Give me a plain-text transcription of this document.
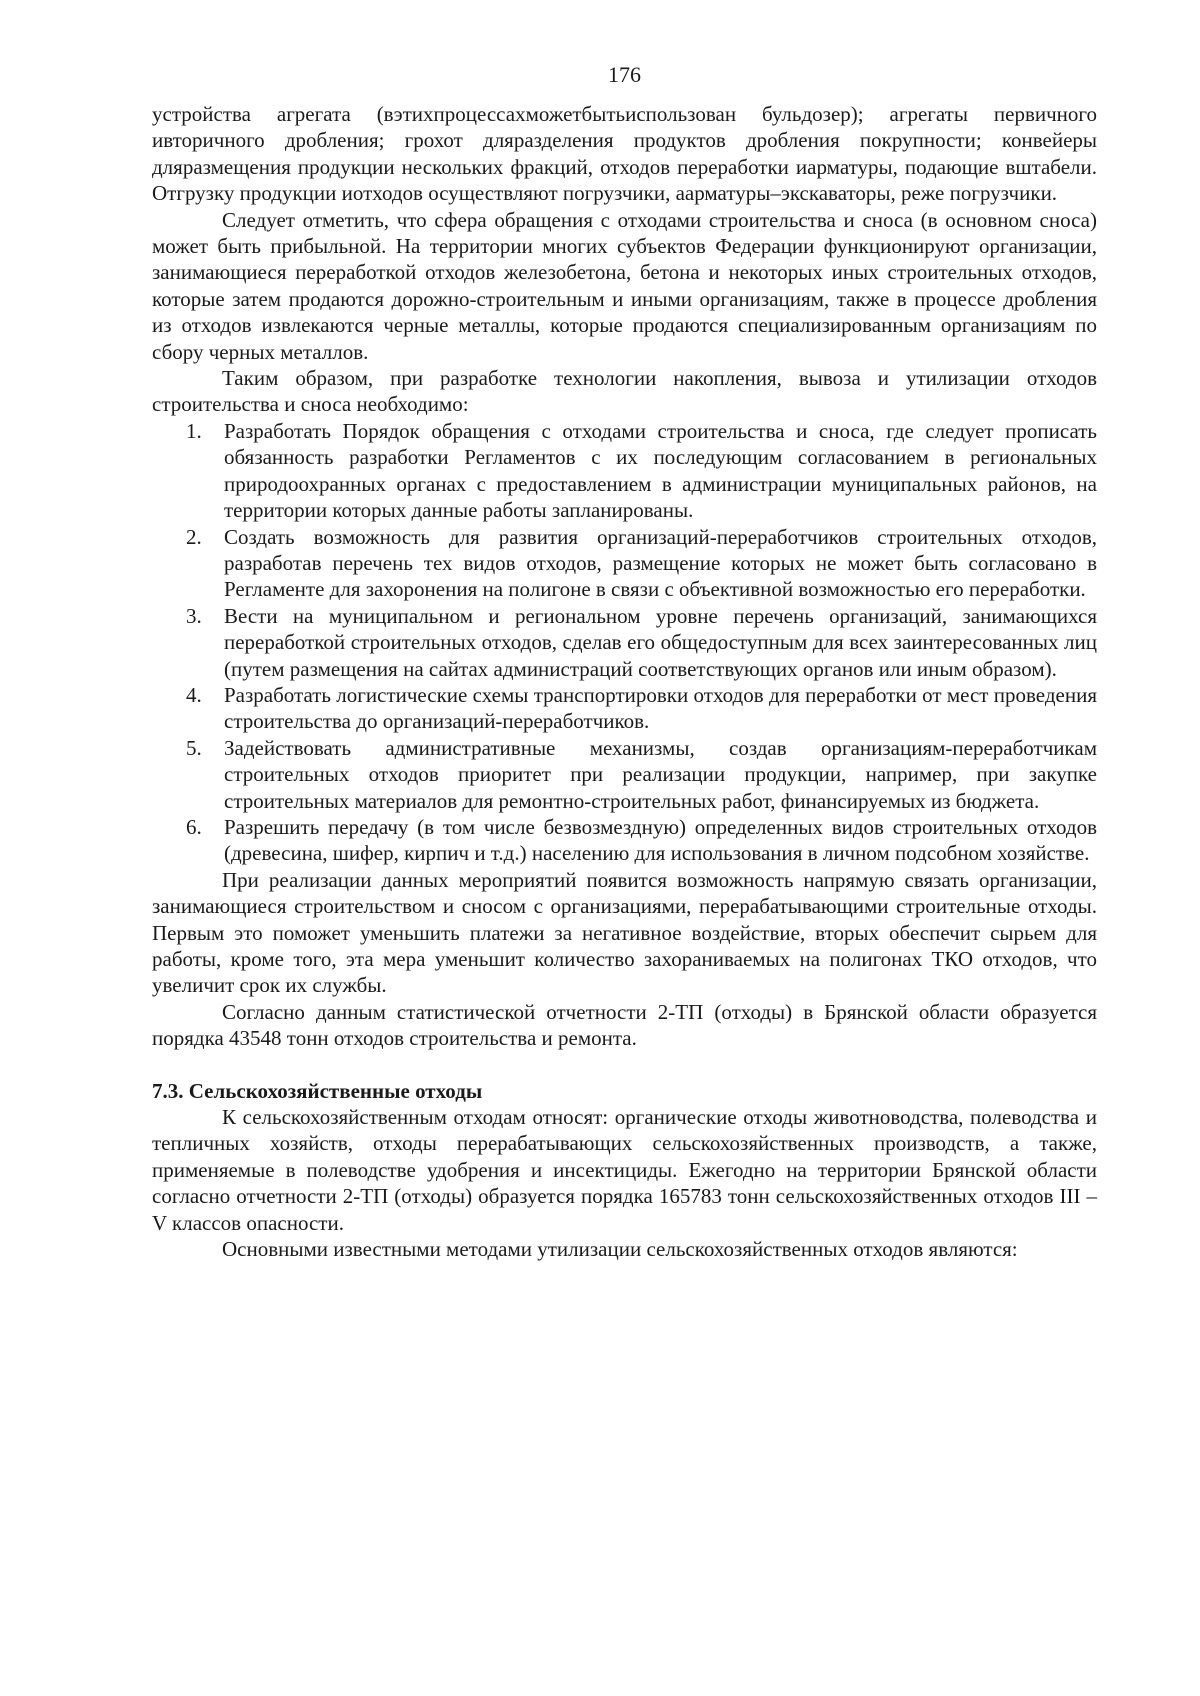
176

устройства агрегата (вэтихпроцессахможетбытьиспользован бульдозер); агрегаты первичного ивторичного дробления; грохот дляразделения продуктов дробления покрупности; конвейеры дляразмещения продукции нескольких фракций, отходов переработки иарматуры, подающие вштабели. Отгрузку продукции иотходов осуществляют погрузчики, аарматуры–экскаваторы, реже погрузчики.

Следует отметить, что сфера обращения с отходами строительства и сноса (в основном сноса) может быть прибыльной. На территории многих субъектов Федерации функционируют организации, занимающиеся переработкой отходов железобетона, бетона и некоторых иных строительных отходов, которые затем продаются дорожно-строительным и иными организациям, также в процессе дробления из отходов извлекаются черные металлы, которые продаются специализированным организациям по сбору черных металлов.

Таким образом, при разработке технологии накопления, вывоза и утилизации отходов строительства и сноса необходимо:

1. Разработать Порядок обращения с отходами строительства и сноса, где следует прописать обязанность разработки Регламентов с их последующим согласованием в региональных природоохранных органах с предоставлением в администрации муниципальных районов, на территории которых данные работы запланированы.
2. Создать возможность для развития организаций-переработчиков строительных отходов, разработав перечень тех видов отходов, размещение которых не может быть согласовано в Регламенте для захоронения на полигоне в связи с объективной возможностью его переработки.
3. Вести на муниципальном и региональном уровне перечень организаций, занимающихся переработкой строительных отходов, сделав его общедоступным для всех заинтересованных лиц (путем размещения на сайтах администраций соответствующих органов или иным образом).
4. Разработать логистические схемы транспортировки отходов для переработки от мест проведения строительства до организаций-переработчиков.
5. Задействовать административные механизмы, создав организациям-переработчикам строительных отходов приоритет при реализации продукции, например, при закупке строительных материалов для ремонтно-строительных работ, финансируемых из бюджета.
6. Разрешить передачу (в том числе безвозмездную) определенных видов строительных отходов (древесина, шифер, кирпич и т.д.) населению для использования в личном подсобном хозяйстве.

При реализации данных мероприятий появится возможность напрямую связать организации, занимающиеся строительством и сносом с организациями, перерабатывающими строительные отходы. Первым это поможет уменьшить платежи за негативное воздействие, вторых обеспечит сырьем для работы, кроме того, эта мера уменьшит количество захораниваемых на полигонах ТКО отходов, что увеличит срок их службы.

Согласно данным статистической отчетности 2-ТП (отходы) в Брянской области образуется порядка 43548 тонн отходов строительства и ремонта.

7.3. Сельскохозяйственные отходы

К сельскохозяйственным отходам относят: органические отходы животноводства, полеводства и тепличных хозяйств, отходы перерабатывающих сельскохозяйственных производств, а также, применяемые в полеводстве удобрения и инсектициды. Ежегодно на территории Брянской области согласно отчетности 2-ТП (отходы) образуется порядка 165783 тонн сельскохозяйственных отходов III – V классов опасности.

Основными известными методами утилизации сельскохозяйственных отходов являются:
